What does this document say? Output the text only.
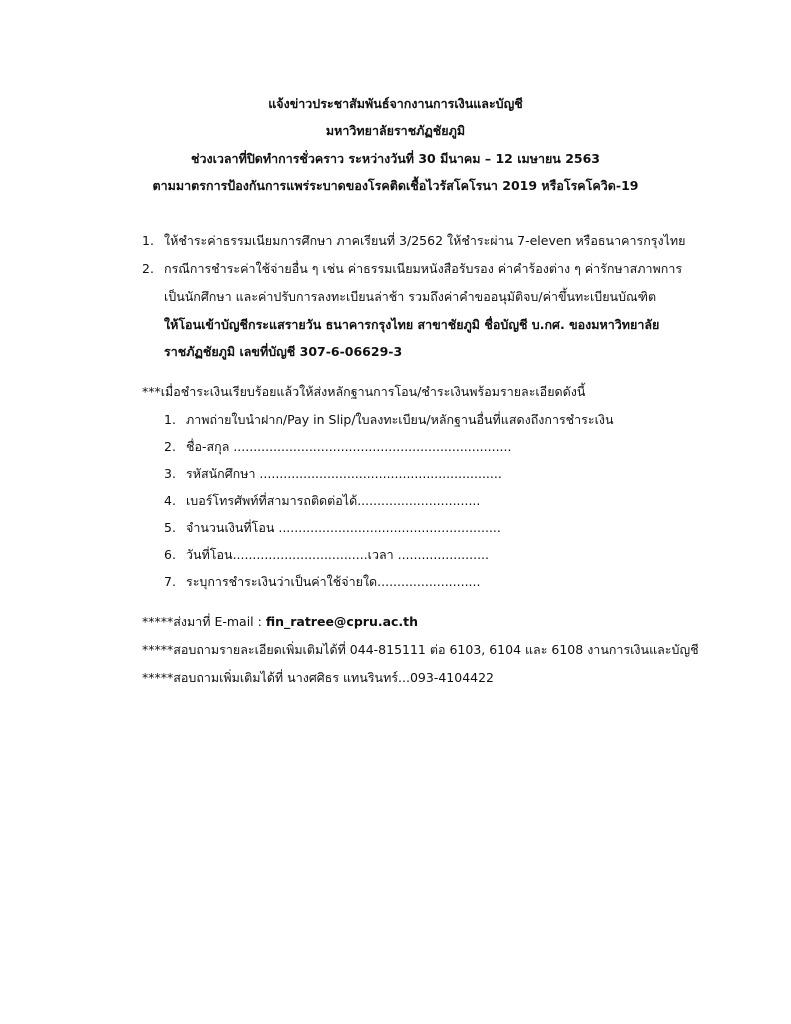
แจ้งข่าวประชาสัมพันธ์จากงานการเงินและบัญชี
มหาวิทยาลัยราชภัฏชัยภูมิ
ช่วงเวลาที่ปิดทำการชั่วคราว ระหว่างวันที่ 30 มีนาคม – 12 เมษายน 2563
ตามมาตรการป้องกันการแพร่ระบาดของโรคติดเชื้อไวรัสโคโรนา 2019 หรือโรคโควิด-19
1. ให้ชำระค่าธรรมเนียมการศึกษา ภาคเรียนที่ 3/2562 ให้ชำระผ่าน 7-eleven หรือธนาคารกรุงไทย
2. กรณีการชำระค่าใช้จ่ายอื่น ๆ เช่น ค่าธรรมเนียมหนังสือรับรอง ค่าคำร้องต่าง ๆ ค่ารักษาสภาพการ
เป็นนักศึกษา และค่าปรับการลงทะเบียนล่าช้า รวมถึงค่าคำขออนุมัติจบ/ค่าขึ้นทะเบียนบัณฑิต
ให้โอนเข้าบัญชีกระแสรายวัน ธนาคารกรุงไทย สาขาชัยภูมิ ชื่อบัญชี บ.กศ. ของมหาวิทยาลัย
ราชภัฏชัยภูมิ เลขที่บัญชี 307-6-06629-3
***เมื่อชำระเงินเรียบร้อยแล้วให้ส่งหลักฐานการโอน/ชำระเงินพร้อมรายละเอียดดังนี้
1. ภาพถ่ายใบนำฝาก/Pay in Slip/ใบลงทะเบียน/หลักฐานอื่นที่แสดงถึงการชำระเงิน
2. ชื่อ-สกุล ......................................................................
3. รหัสนักศึกษา .............................................................
4. เบอร์โทรศัพท์ที่สามารถติดต่อได้...............................
5. จำนวนเงินที่โอน ........................................................
6. วันที่โอน..................................เวลา .......................
7. ระบุการชำระเงินว่าเป็นค่าใช้จ่ายใด..........................
*****ส่งมาที่ E-mail : fin_ratree@cpru.ac.th
*****สอบถามรายละเอียดเพิ่มเติมได้ที่ 044-815111 ต่อ 6103, 6104 และ 6108 งานการเงินและบัญชี
*****สอบถามเพิ่มเติมได้ที่ นางศศิธร แทนรินทร์...093-4104422
